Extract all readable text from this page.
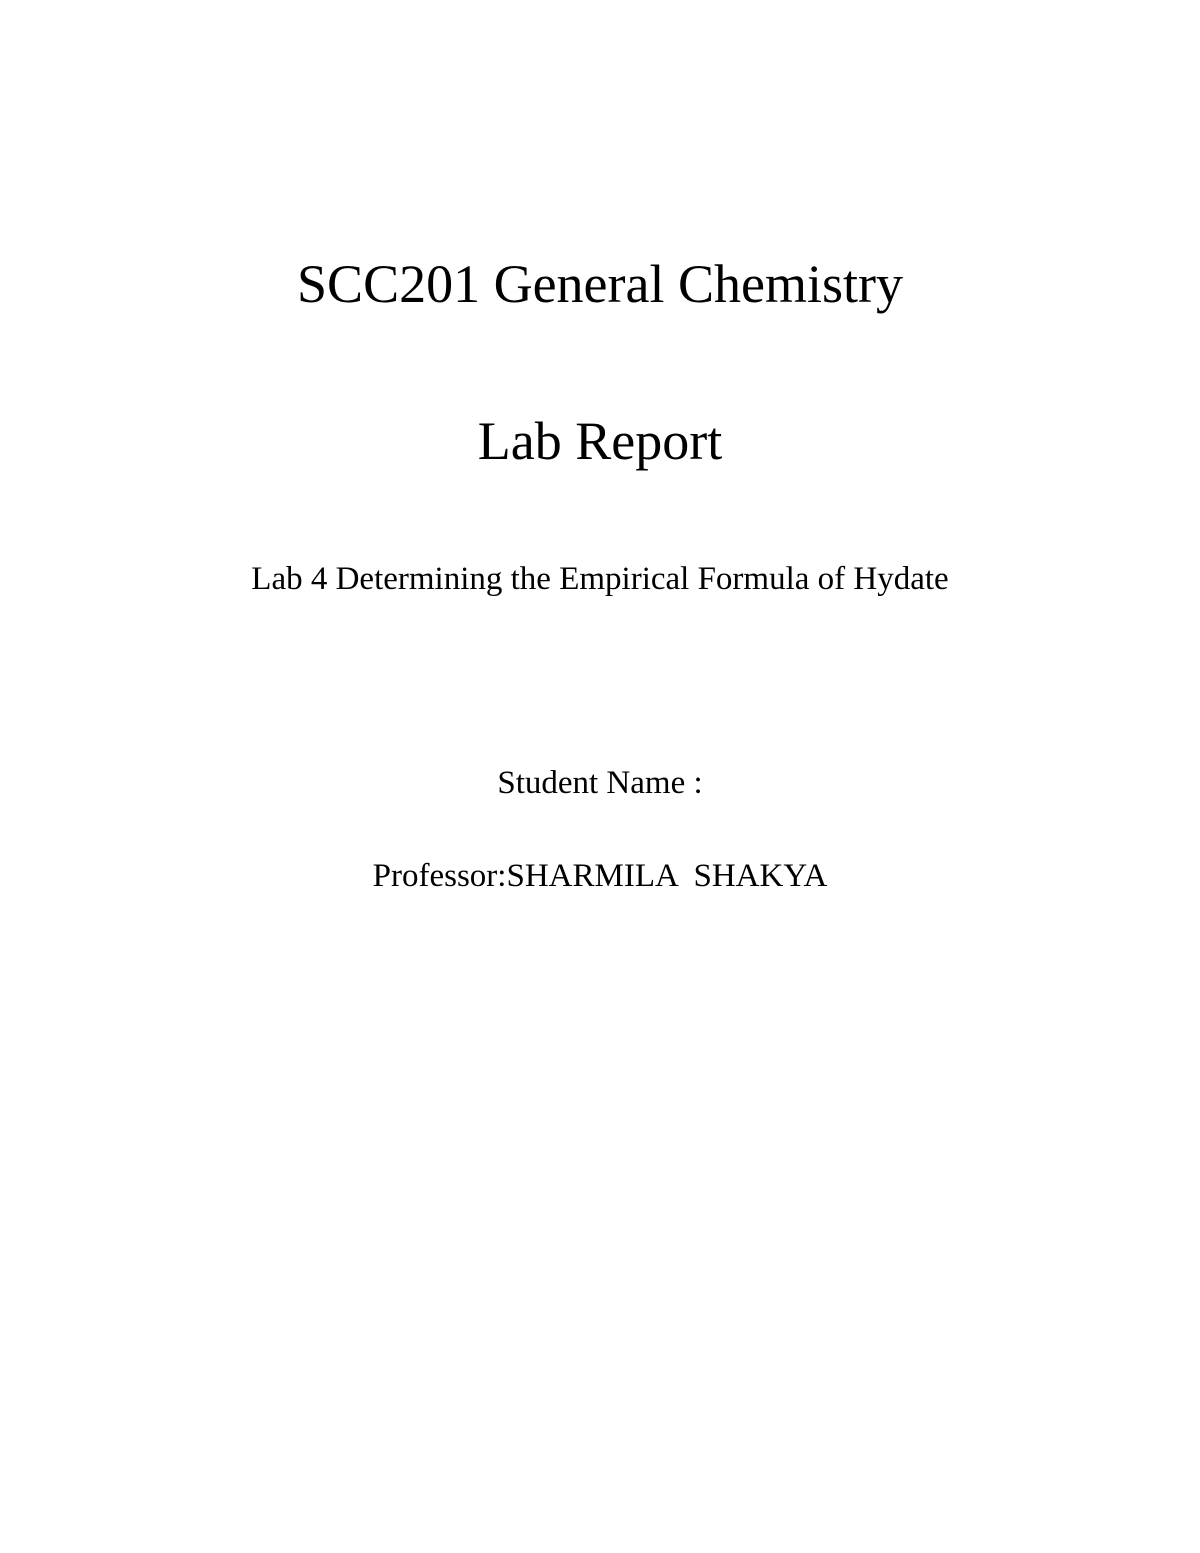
SCC201 General Chemistry
Lab Report
Lab 4 Determining the Empirical Formula of Hydate
Student Name :
Professor:SHARMILA  SHAKYA
